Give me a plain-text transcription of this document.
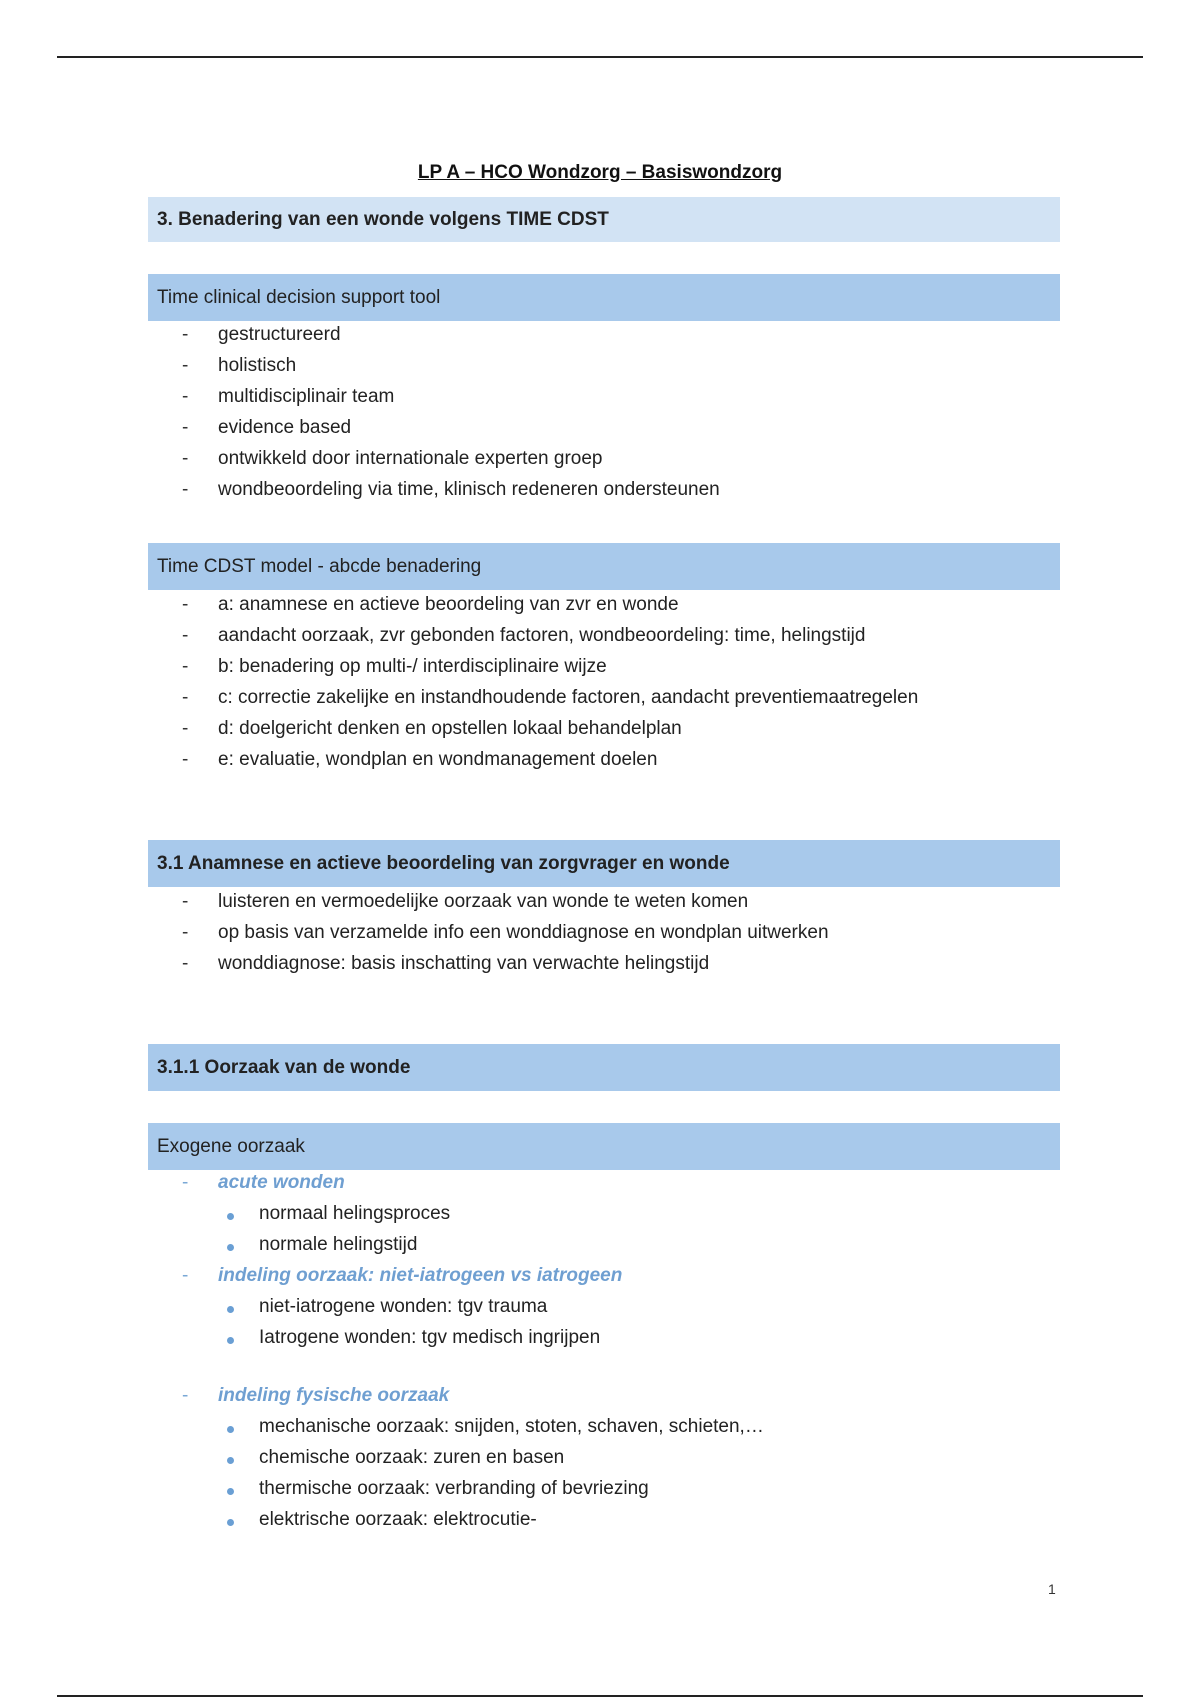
LP A – HCO Wondzorg – Basiswondzorg
3. Benadering van een wonde volgens TIME CDST
Time clinical decision support tool
- gestructureerd
- holistisch
- multidisciplinair team
- evidence based
- ontwikkeld door internationale experten groep
- wondbeoordeling via time, klinisch redeneren ondersteunen
Time CDST model - abcde benadering
- a: anamnese en actieve beoordeling van zvr en wonde
- aandacht oorzaak, zvr gebonden factoren, wondbeoordeling: time, helingstijd
- b: benadering op multi-/ interdisciplinaire wijze
- c: correctie zakelijke en instandhoudende factoren, aandacht preventiemaatregelen
- d: doelgericht denken en opstellen lokaal behandelplan
- e: evaluatie, wondplan en wondmanagement doelen
3.1 Anamnese en actieve beoordeling van zorgvrager en wonde
- luisteren en vermoedelijke oorzaak van wonde te weten komen
- op basis van verzamelde info een wonddiagnose en wondplan uitwerken
- wonddiagnose: basis inschatting van verwachte helingstijd
3.1.1 Oorzaak van de wonde
Exogene oorzaak
- acute wonden
normaal helingsproces
normale helingstijd
- indeling oorzaak: niet-iatrogeen vs iatrogeen
niet-iatrogene wonden: tgv trauma
Iatrogene wonden: tgv medisch ingrijpen
- indeling fysische oorzaak
mechanische oorzaak: snijden, stoten, schaven, schieten,…
chemische oorzaak: zuren en basen
thermische oorzaak: verbranding of bevriezing
elektrische oorzaak: elektrocutie-
1
